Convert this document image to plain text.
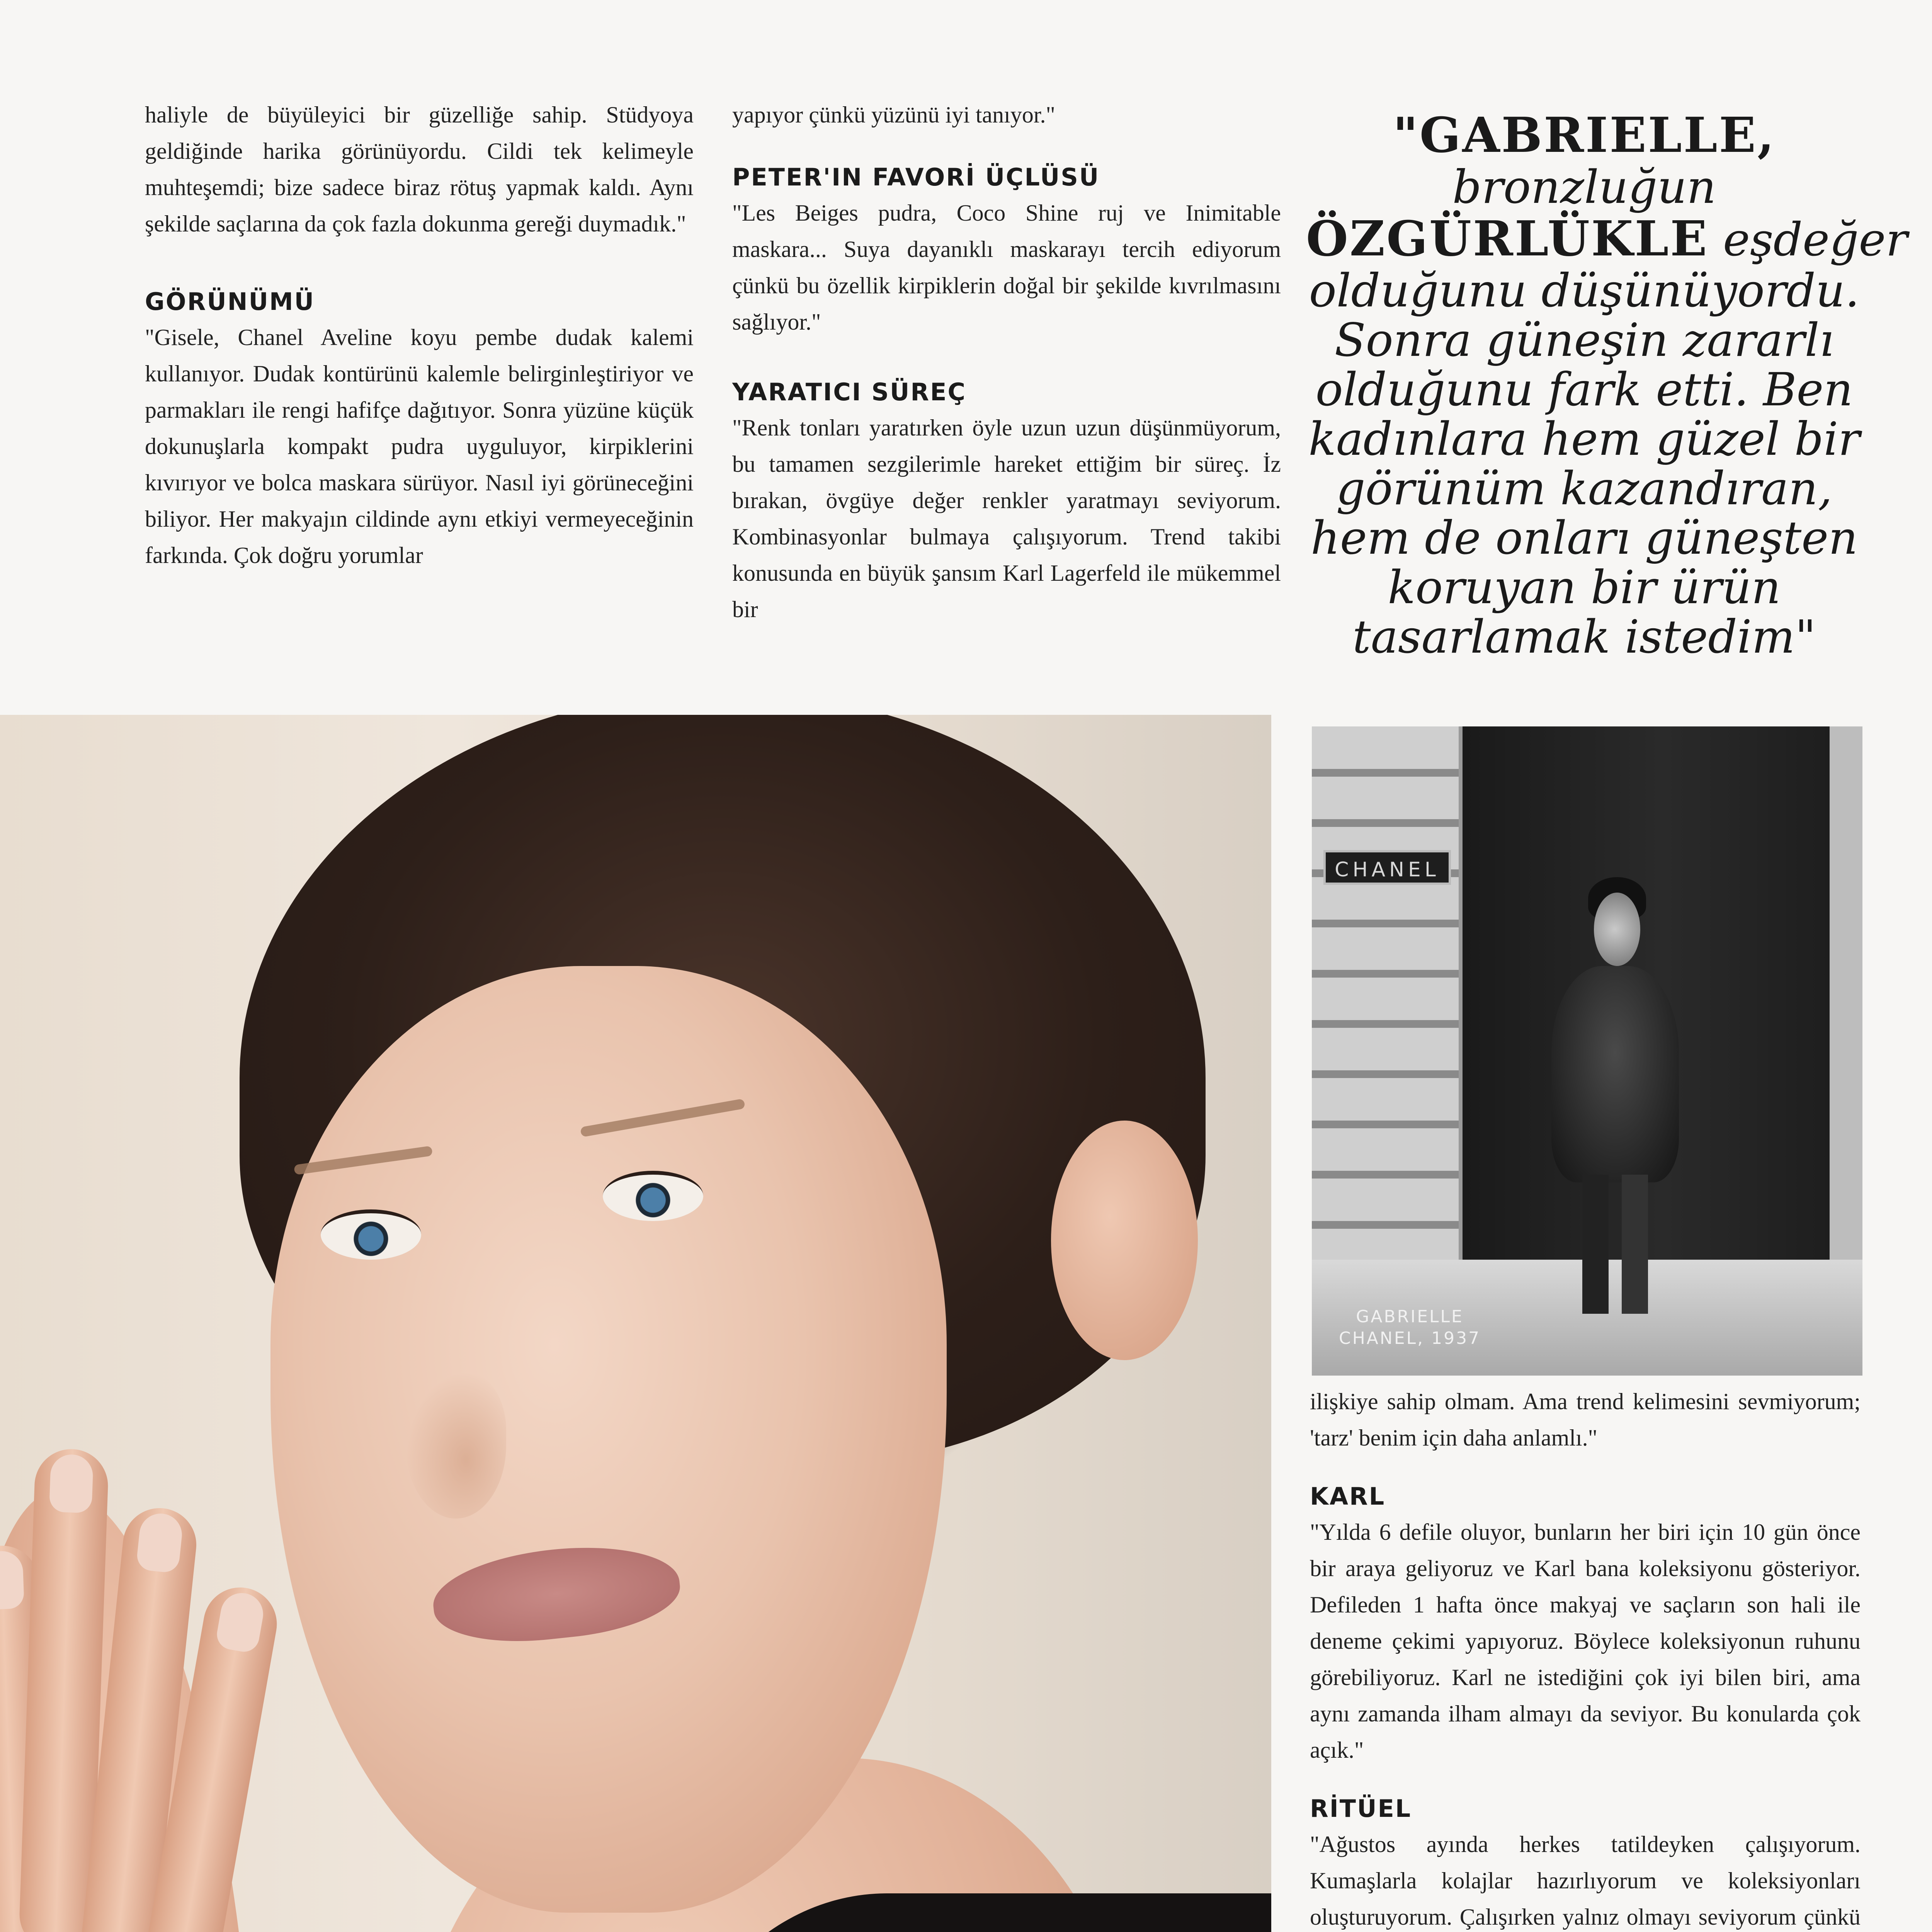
haliyle de büyüleyici bir güzelliğe sahip. Stüdyoya geldiğinde harika görünüyordu. Cildi tek kelimeyle muhteşemdi; bize sadece biraz rötuş yapmak kaldı. Aynı şekilde saçlarına da çok fazla dokunma gereği duymadık."

GÖRÜNÜMÜ

"Gisele, Chanel Aveline koyu pembe dudak kalemi kullanıyor. Dudak kontürünü kalemle belirginleştiriyor ve parmakları ile rengi hafifçe dağıtıyor. Sonra yüzüne küçük dokunuşlarla kompakt pudra uyguluyor, kirpiklerini kıvırıyor ve bolca maskara sürüyor. Nasıl iyi görüneceğini biliyor. Her makyajın cildinde aynı etkiyi vermeyeceğinin farkında. Çok doğru yorumlar

yapıyor çünkü yüzünü iyi tanıyor."

PETER'IN FAVORİ ÜÇLÜSÜ

"Les Beiges pudra, Coco Shine ruj ve Inimitable maskara... Suya dayanıklı maskarayı tercih ediyorum çünkü bu özellik kirpiklerin doğal bir şekilde kıvrılmasını sağlıyor."

YARATICI SÜREÇ

"Renk tonları yaratırken öyle uzun uzun düşünmüyorum, bu tamamen sezgilerimle hareket ettiğim bir süreç. İz bırakan, övgüye değer renkler yaratmayı seviyorum. Kombinasyonlar bulmaya çalışıyorum. Trend takibi konusunda en büyük şansım Karl Lagerfeld ile mükemmel bir

"GABRIELLE,
bronzluğun
ÖZGÜRLÜKLE eşdeğer
olduğunu düşünüyordu.
Sonra güneşin zararlı
olduğunu fark etti. Ben
kadınlara hem güzel bir
görünüm kazandıran,
hem de onları güneşten
koruyan bir ürün
tasarlamak istedim"
CHANEL
GABRIELLE
CHANEL, 1937

ilişkiye sahip olmam. Ama trend kelimesini sevmiyorum; 'tarz' benim için daha anlamlı."

KARL

"Yılda 6 defile oluyor, bunların her biri için 10 gün önce bir araya geliyoruz ve Karl bana koleksiyonu gösteriyor. Defileden 1 hafta önce makyaj ve saçların son hali ile deneme çekimi yapıyoruz. Böylece koleksiyonun ruhunu görebiliyoruz. Karl ne istediğini çok iyi bilen biri, ama aynı zamanda ilham almayı da seviyor. Bu konularda çok açık."

RİTÜEL

"Ağustos ayında herkes tatildeyken çalışıyorum. Kumaşlarla kolajlar hazırlıyorum ve koleksiyonları oluşturuyorum. Çalışırken yalnız olmayı seviyorum çünkü
